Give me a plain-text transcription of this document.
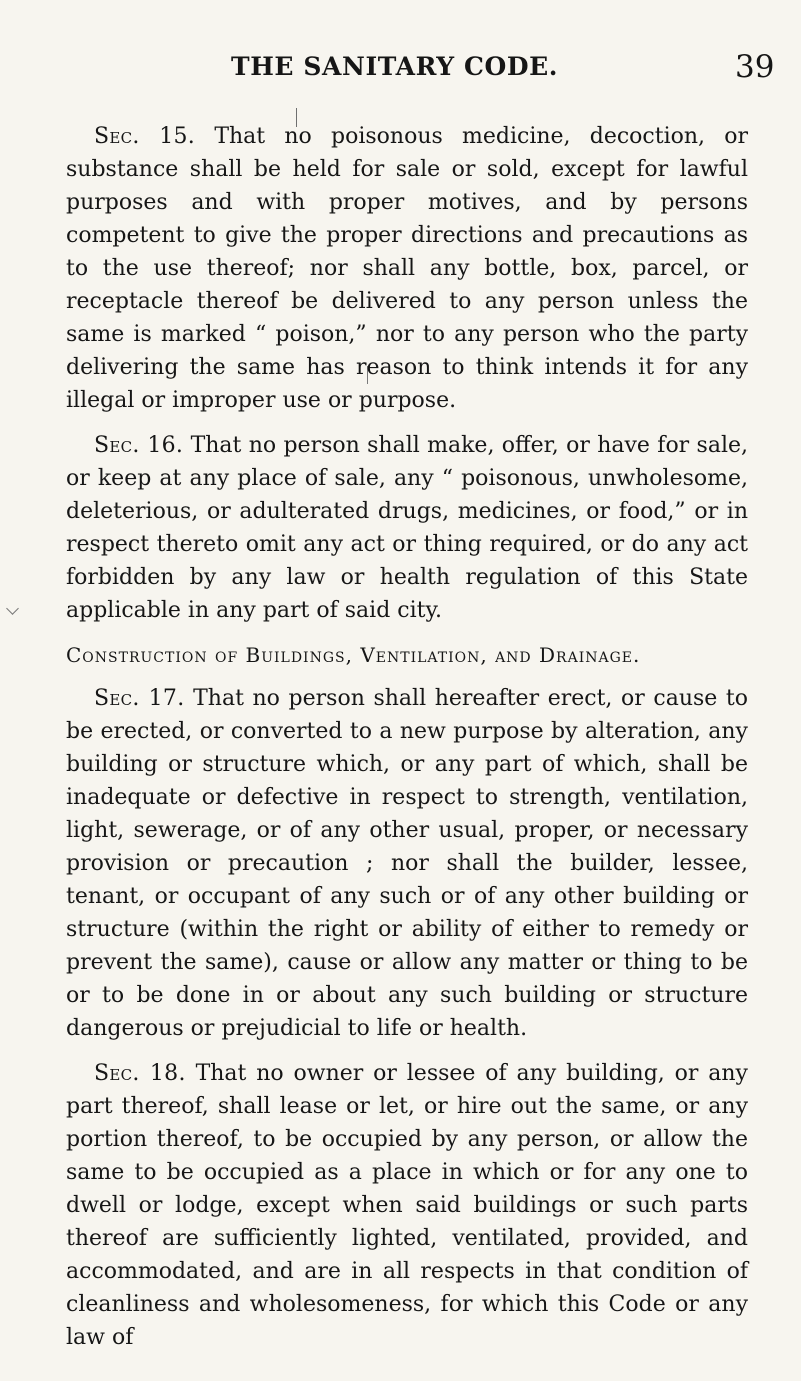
THE SANITARY CODE.	39

Sec. 15. That no poisonous medicine, decoction, or substance shall be held for sale or sold, except for lawful purposes and with proper motives, and by persons competent to give the proper directions and precautions as to the use thereof; nor shall any bottle, box, parcel, or receptacle thereof be delivered to any person unless the same is marked “ poison,” nor to any person who the party delivering the same has reason to think intends it for any illegal or improper use or purpose.

Sec. 16. That no person shall make, offer, or have for sale, or keep at any place of sale, any “ poisonous, unwholesome, deleterious, or adulterated drugs, medicines, or food,” or in respect thereto omit any act or thing required, or do any act forbidden by any law or health regulation of this State applicable in any part of said city.

Construction of Buildings, Ventilation, and Drainage.

Sec. 17. That no person shall hereafter erect, or cause to be erected, or converted to a new purpose by alteration, any building or structure which, or any part of which, shall be inadequate or defective in respect to strength, ventilation, light, sewerage, or of any other usual, proper, or necessary provision or precaution ; nor shall the builder, lessee, tenant, or occupant of any such or of any other building or structure (within the right or ability of either to remedy or prevent the same), cause or allow any matter or thing to be or to be done in or about any such building or structure dangerous or prejudicial to life or health.

Sec. 18. That no owner or lessee of any building, or any part thereof, shall lease or let, or hire out the same, or any portion thereof, to be occupied by any person, or allow the same to be occupied as a place in which or for any one to dwell or lodge, except when said buildings or such parts thereof are sufficiently lighted, ventilated, provided, and accommodated, and are in all respects in that condition of cleanliness and wholesomeness, for which this Code or any law of
